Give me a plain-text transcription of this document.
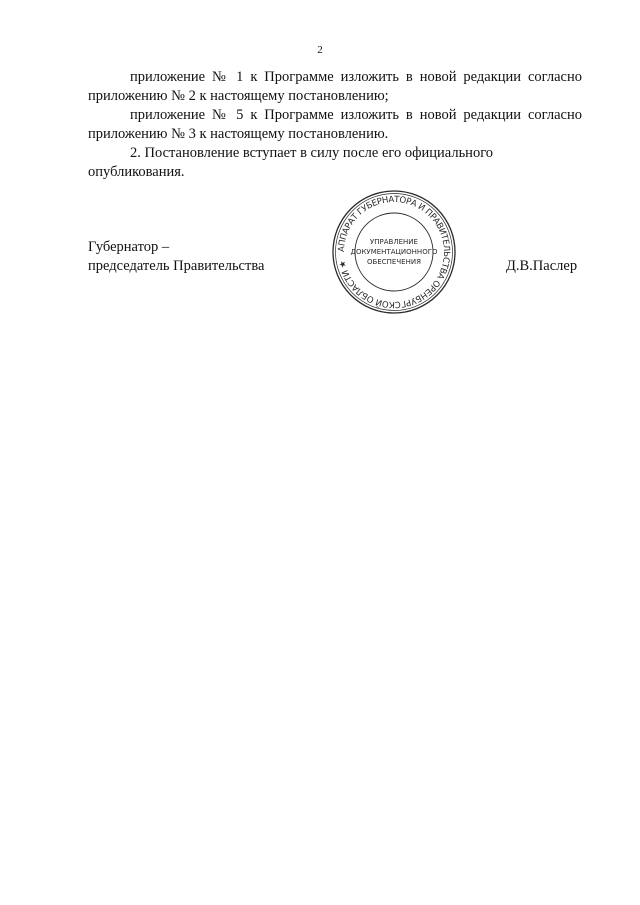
2

приложение № 1 к Программе изложить в новой редакции согласно приложению № 2 к настоящему постановлению;

приложение № 5 к Программе изложить в новой редакции согласно приложению № 3 к настоящему постановлению.

2. Постановление вступает в силу после его официального опубликования.

Губернатор –
председатель Правительства
АППАРАТ ГУБЕРНАТОРА И ПРАВИТЕЛЬСТВА ОРЕНБУРГСКОЙ ОБЛАСТИ ★
УПРАВЛЕНИЕ
ДОКУМЕНТАЦИОННОГО
ОБЕСПЕЧЕНИЯ	Д.В.Паслер
